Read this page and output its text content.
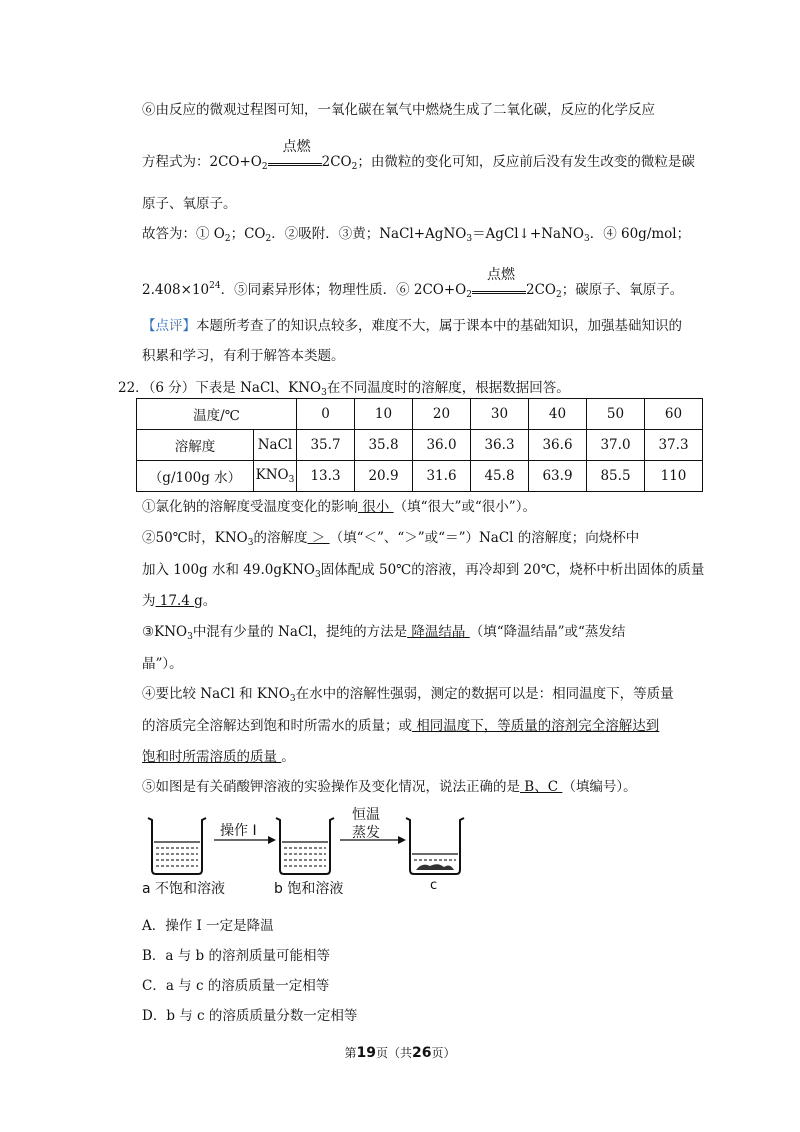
⑥由反应的微观过程图可知，一氧化碳在氧气中燃烧生成了二氧化碳，反应的化学反应
方程式为：$2CO+O_2$
点燃
$2CO_2$；由微粒的变化可知，反应前后没有发生改变的微粒是碳
原子、氧原子。
故答为：① $O_2$；$CO_2$．②吸附．③黄；NaCl+AgNO$_3$＝AgCl↓+NaNO$_3$．④ 60g/mol；
$2.408\times 10^{24}$．⑤同素异形体；物理性质．⑥ $2CO+O_2$
点燃
$2CO_2$；碳原子、氧原子。
【点评】本题所考查了的知识点较多，难度不大，属于课本中的基础知识，加强基础知识的
积累和学习，有利于解答本类题。
22．（6 分）下表是 NaCl、$KNO_3$在不同温度时的溶解度，根据数据回答。
温度/℃		0	10	20	30	40	50	60
溶解度	NaCl	35.7	35.8	36.0	36.3	36.6	37.0	37.3
（g/100g 水）	$KNO_3$	13.3	20.9	31.6	45.8	63.9	85.5	110
①氯化钠的溶解度受温度变化的影响 很小 （填“很大”或“很小”）。
②50℃时，$KNO_3$的溶解度 ＞ （填“＜”、“＞”或“＝”）NaCl 的溶解度；向烧杯中
加入 100g 水和 49.0gKNO$_3$固体配成 50℃的溶液，再冷却到 20℃，烧杯中析出固体的质量
为 17.4 g。
$③KNO_3$中混有少量的 NaCl，提纯的方法是 降温结晶 （填“降温结晶”或“蒸发结
晶”）。
④要比较 NaCl 和 $KNO_3$在水中的溶解性强弱，测定的数据可以是：相同温度下，等质量
的溶质完全溶解达到饱和时所需水的质量；或 相同温度下，等质量的溶剂完全溶解达到
饱和时所需溶质的质量 。
⑤如图是有关硝酸钾溶液的实验操作及变化情况，说法正确的是 B、C （填编号）。
操作 I
恒温
蒸发
a 不饱和溶液	b 饱和溶液	c
A．操作 I 一定是降温
B．a 与 b 的溶剂质量可能相等
C．a 与 c 的溶质质量一定相等
D．b 与 c 的溶质质量分数一定相等
第19页（共26页）
